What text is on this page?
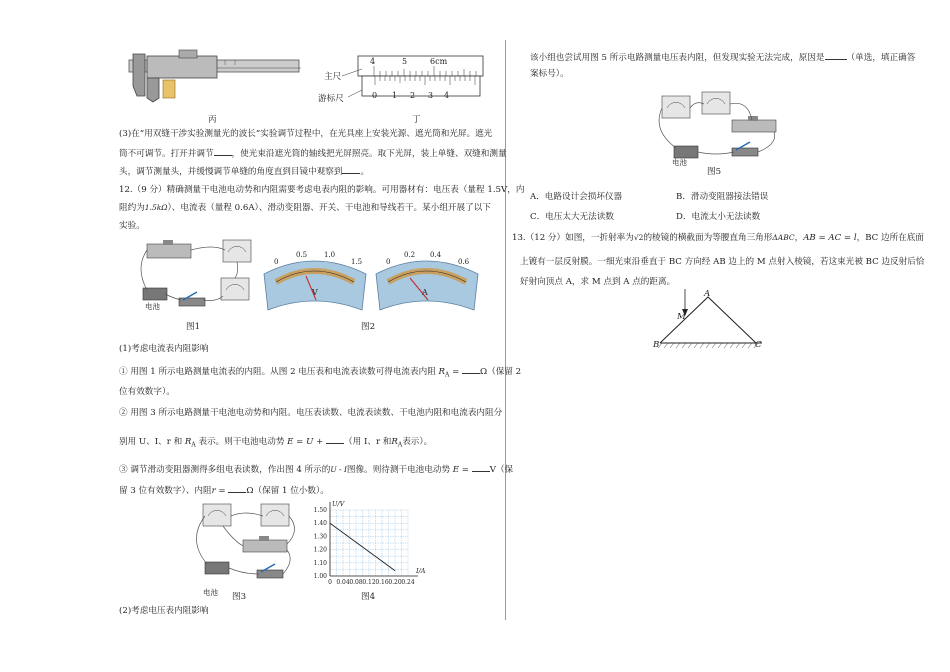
4	5	6cm
主尺
游标尺	0 1 2 3 4
丙	丁
(3)在“用双缝干涉实验测量光的波长”实验调节过程中，在光具座上安装光源、遮光筒和光屏。遮光
筒不可调节。打开并调节 ，使光束沿遮光筒的轴线把光屏照亮。取下光屏，装上单缝、双缝和测量
头，调节测量头，并缓慢调节单缝的角度直到目镜中观察到 。
12.（9 分）精确测量干电池电动势和内阻需要考虑电表内阻的影响。可用器材有：电压表（量程 1.5V，内
阻约为1.5kΩ）、电流表（量程 0.6A）、滑动变阻器、开关、干电池和导线若干。某小组开展了以下
实验。
电池
图1
0
0.5 1.0
1.5
V
0
0.2 0.4
0.6
A
图2
(1)考虑电流表内阻影响
① 用图 1 所示电路测量电流表的内阻。从图 2 电压表和电流表读数可得电流表内阻 $R_A = \Omega$（保留 2
位有效数字）。
② 用图 3 所示电路测量干电池电动势和内阻。电压表读数、电流表读数、干电池内阻和电流表内阻分
别用 U、I、r 和 $R_A$ 表示。则干电池电动势 E = U + （用 I、r 和$R_A$表示）。
③ 调节滑动变阻器测得多组电表读数，作出图 4 所示的U - I图像。则待测干电池电动势 E = V（保
留 3 位有效数字）、内阻r = Ω（保留 1 位小数）。
电池 图3
0 0.04 0.08 0.12 0.16 0.20 0.24
1.00
1.10
1.20
1.30
1.40
1.50
I/A
U/V
图4
(2)考虑电压表内阻影响
该小组也尝试用图 5 所示电路测量电压表内阻，但发现实验无法完成，原因是	（单选，填正确答
案标号）。
电池
图5
A．电路设计会损坏仪器	B．滑动变阻器接法错误
C．电压太大无法读数	D．电流太小无法读数
13.（12 分）如图，一折射率为√2的棱镜的横截面为等腰直角三角形ΔABC，AB = AC = l，BC 边所在底面
上镀有一层反射膜。一细光束沿垂直于 BC 方向经 AB 边上的 M 点射入棱镜，若这束光被 BC 边反射后恰
好射向顶点 A，求 M 点到 A 点的距离。
A
B	C
M
